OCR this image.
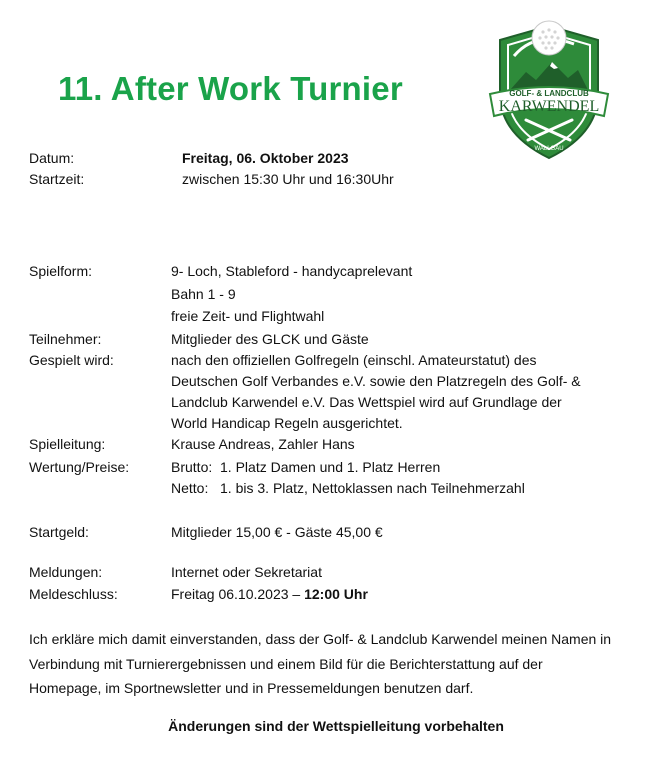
11. After Work Turnier	GOLF- & LANDCLUB
KARWENDEL
WALLGAU
Datum:	Freitag, 06. Oktober 2023
Startzeit:	zwischen 15:30 Uhr und 16:30Uhr
Spielform:	9- Loch, Stableford - handycaprelevant
Bahn 1 - 9
freie Zeit- und Flightwahl
Teilnehmer:	Mitglieder des GLCK und Gäste
Gespielt wird:	nach den offiziellen Golfregeln (einschl. Amateurstatut) des
Deutschen Golf Verbandes e.V. sowie den Platzregeln des Golf- &
Landclub Karwendel e.V. Das Wettspiel wird auf Grundlage der
World Handicap Regeln ausgerichtet.
Spielleitung:	Krause Andreas, Zahler Hans
Wertung/Preise:	Brutto:  1. Platz Damen und 1. Platz Herren
Netto:   1. bis 3. Platz, Nettoklassen nach Teilnehmerzahl
Startgeld:	Mitglieder 15,00 € - Gäste 45,00 €
Meldungen:	Internet oder Sekretariat
Meldeschluss:	Freitag 06.10.2023 – 12:00 Uhr
Ich erkläre mich damit einverstanden, dass der Golf- & Landclub Karwendel meinen Namen in
Verbindung mit Turnierergebnissen und einem Bild für die Berichterstattung auf der
Homepage, im Sportnewsletter und in Pressemeldungen benutzen darf.
Änderungen sind der Wettspielleitung vorbehalten
